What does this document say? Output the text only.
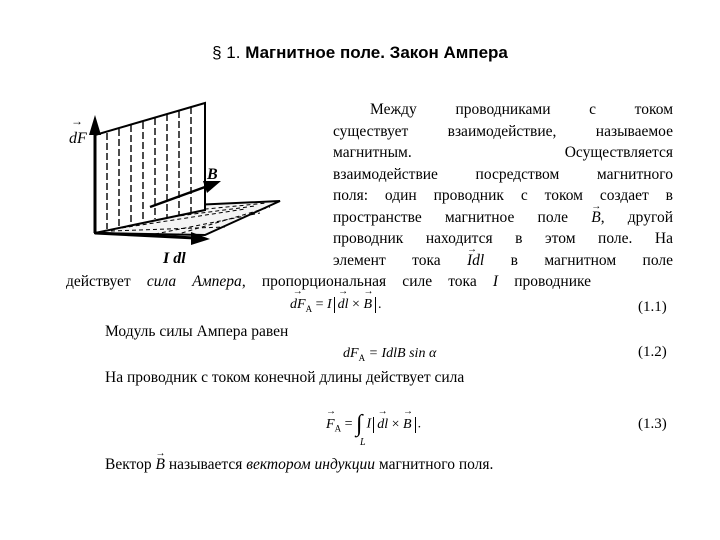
§ 1. Магнитное поле. Закон Ампера
dF
→
B
I dl
Между проводниками с током
существует взаимодействие, называемое
магнитным. Осуществляется
взаимодействие посредством магнитного
поля: один проводник с током создает в
пространстве магнитное поле → B, другой
проводник находится в этом поле. На
элемент тока → Idl в магнитном поле
действует сила Ампера, пропорциональная силе тока I проводнике
→ $dF_A = I\to$ dl × → B .	(1.1)
Модуль силы Ампера равен
$dF_A$ = IdlB sin α	(1.2)
На проводник с током конечной длины действует сила
→ $F_A$ = ∫
L
I→ dl × → B .	(1.3)
Вектор → B называется вектором индукции магнитного поля.
